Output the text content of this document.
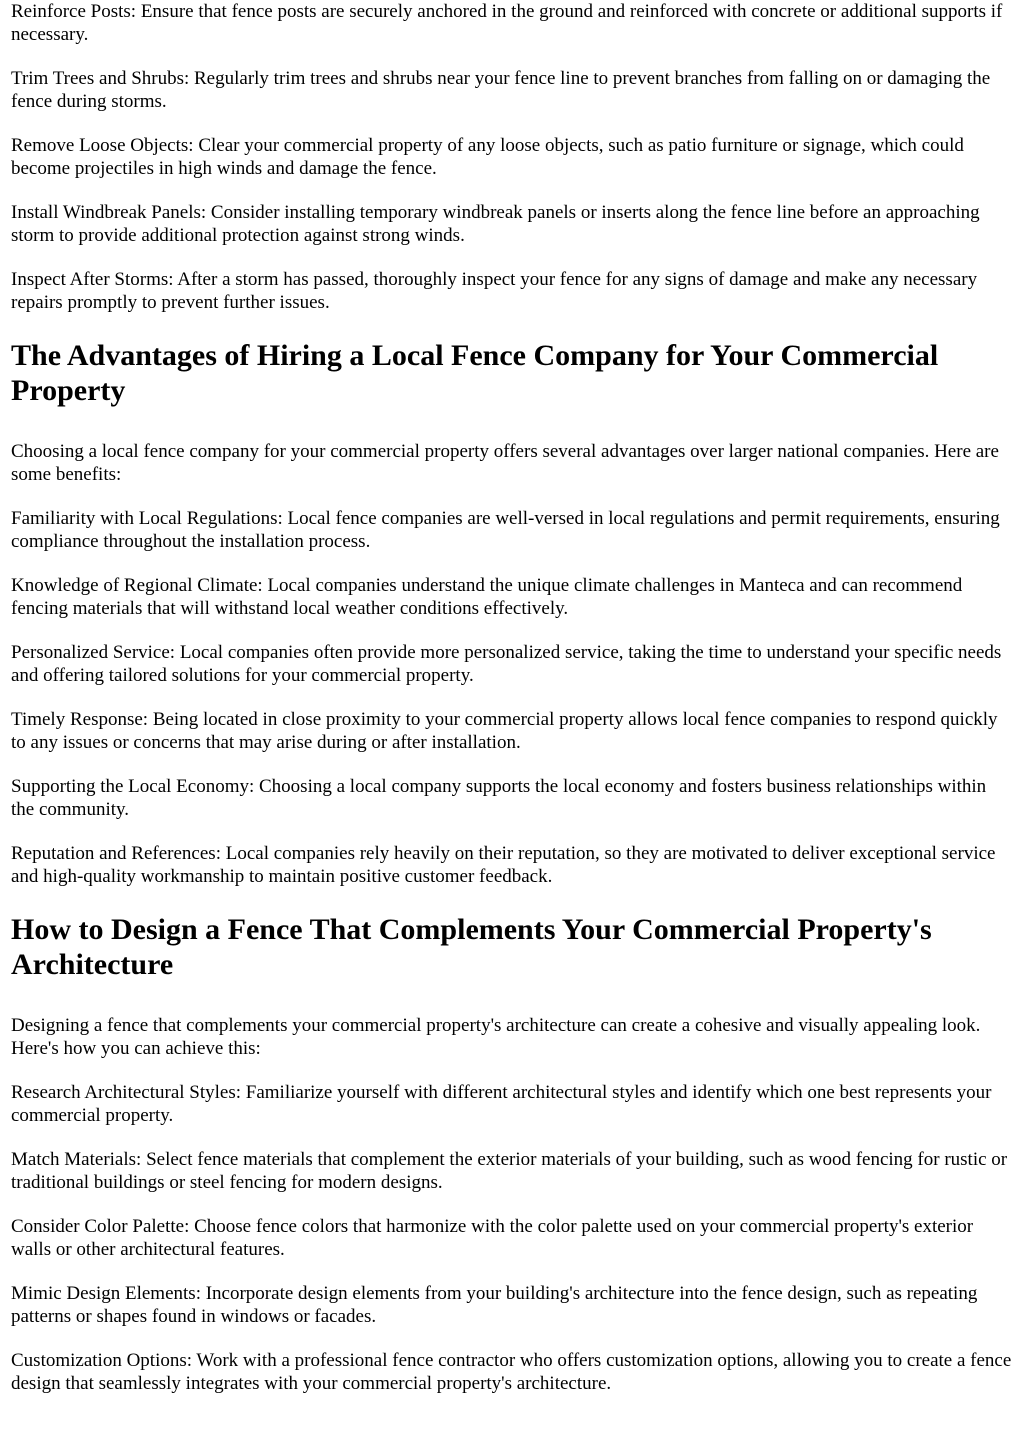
Reinforce Posts: Ensure that fence posts are securely anchored in the ground and reinforced with concrete or additional supports if necessary.

Trim Trees and Shrubs: Regularly trim trees and shrubs near your fence line to prevent branches from falling on or damaging the fence during storms.

Remove Loose Objects: Clear your commercial property of any loose objects, such as patio furniture or signage, which could become projectiles in high winds and damage the fence.

Install Windbreak Panels: Consider installing temporary windbreak panels or inserts along the fence line before an approaching storm to provide additional protection against strong winds.

Inspect After Storms: After a storm has passed, thoroughly inspect your fence for any signs of damage and make any necessary repairs promptly to prevent further issues.

The Advantages of Hiring a Local Fence Company for Your Commercial Property

Choosing a local fence company for your commercial property offers several advantages over larger national companies. Here are some benefits:

Familiarity with Local Regulations: Local fence companies are well-versed in local regulations and permit requirements, ensuring compliance throughout the installation process.

Knowledge of Regional Climate: Local companies understand the unique climate challenges in Manteca and can recommend fencing materials that will withstand local weather conditions effectively.

Personalized Service: Local companies often provide more personalized service, taking the time to understand your specific needs and offering tailored solutions for your commercial property.

Timely Response: Being located in close proximity to your commercial property allows local fence companies to respond quickly to any issues or concerns that may arise during or after installation.

Supporting the Local Economy: Choosing a local company supports the local economy and fosters business relationships within the community.

Reputation and References: Local companies rely heavily on their reputation, so they are motivated to deliver exceptional service and high-quality workmanship to maintain positive customer feedback.

How to Design a Fence That Complements Your Commercial Property's Architecture

Designing a fence that complements your commercial property's architecture can create a cohesive and visually appealing look. Here's how you can achieve this:

Research Architectural Styles: Familiarize yourself with different architectural styles and identify which one best represents your commercial property.

Match Materials: Select fence materials that complement the exterior materials of your building, such as wood fencing for rustic or traditional buildings or steel fencing for modern designs.

Consider Color Palette: Choose fence colors that harmonize with the color palette used on your commercial property's exterior walls or other architectural features.

Mimic Design Elements: Incorporate design elements from your building's architecture into the fence design, such as repeating patterns or shapes found in windows or facades.

Customization Options: Work with a professional fence contractor who offers customization options, allowing you to create a fence design that seamlessly integrates with your commercial property's architecture.
